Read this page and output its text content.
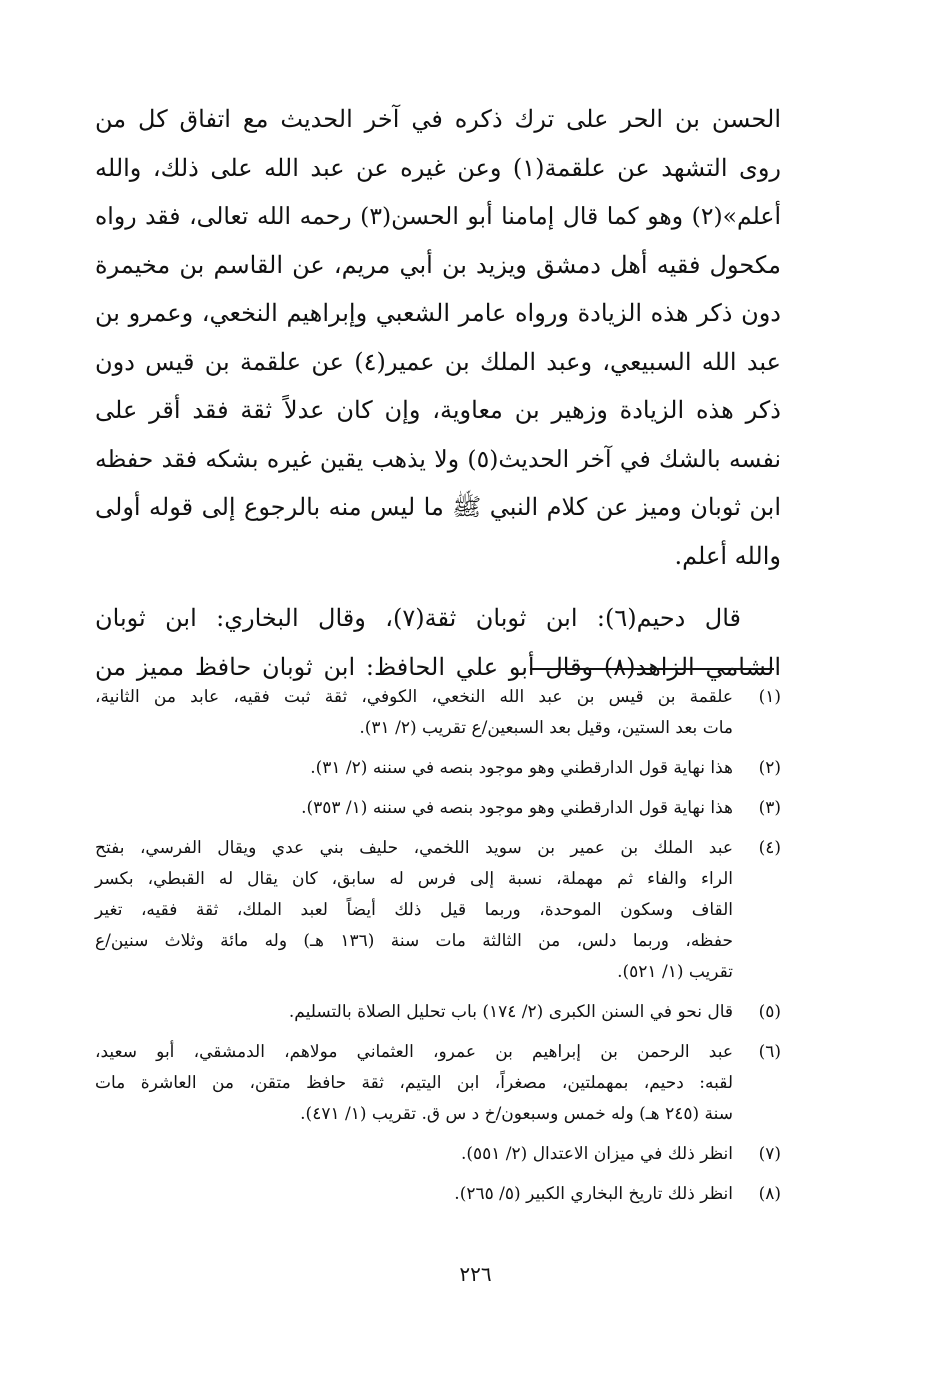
الحسن بن الحر على ترك ذكره في آخر الحديث مع اتفاق كل من
روى التشهد عن علقمة(١) وعن غيره عن عبد الله على ذلك، والله
أعلم»(٢) وهو كما قال إمامنا أبو الحسن(٣) رحمه الله تعالى، فقد رواه
مكحول فقيه أهل دمشق ويزيد بن أبي مريم، عن القاسم بن مخيمرة
دون ذكر هذه الزيادة ورواه عامر الشعبي وإبراهيم النخعي، وعمرو بن
عبد الله السبيعي، وعبد الملك بن عمير(٤) عن علقمة بن قيس دون
ذكر هذه الزيادة وزهير بن معاوية، وإن كان عدلاً ثقة فقد أقر على
نفسه بالشك في آخر الحديث(٥) ولا يذهب يقين غيره بشكه فقد حفظه
ابن ثوبان وميز عن كلام النبي ﷺ ما ليس منه بالرجوع إلى قوله أولى
والله أعلم.
قال دحيم(٦): ابن ثوبان ثقة(٧)، وقال البخاري: ابن ثوبان
الشامي الزاهد(٨) وقال أبو علي الحافظ: ابن ثوبان حافظ مميز من
(١)
علقمة بن قيس بن عبد الله النخعي، الكوفي، ثقة ثبت فقيه، عابد من الثانية،
مات بعد الستين، وقيل بعد السبعين/ع تقريب (٢/ ٣١).
(٢)
هذا نهاية قول الدارقطني وهو موجود بنصه في سننه (٢/ ٣١).
(٣)
هذا نهاية قول الدارقطني وهو موجود بنصه في سننه (١/ ٣٥٣).
(٤)
عبد الملك بن عمير بن سويد اللخمي، حليف بني عدي ويقال الفرسي، بفتح
الراء والفاء ثم مهملة، نسبة إلى فرس له سابق، كان يقال له القبطي، بكسر
القاف وسكون الموحدة، وربما قيل ذلك أيضاً لعبد الملك، ثقة فقيه، تغير
حفظه، وربما دلس، من الثالثة مات سنة (١٣٦ هـ) وله مائة وثلاث سنين/ع
تقريب (١/ ٥٢١).
(٥)
قال نحو في السنن الكبرى (٢/ ١٧٤) باب تحليل الصلاة بالتسليم.
(٦)
عبد الرحمن بن إبراهيم بن عمرو، العثماني مولاهم، الدمشقي، أبو سعيد،
لقبه: دحيم، بمهملتين، مصغراً، ابن اليتيم، ثقة حافظ متقن، من العاشرة مات
سنة (٢٤٥ هـ) وله خمس وسبعون/خ د س ق. تقريب (١/ ٤٧١).
(٧)
انظر ذلك في ميزان الاعتدال (٢/ ٥٥١).
(٨)
انظر ذلك تاريخ البخاري الكبير (٥/ ٢٦٥).
٢٢٦
